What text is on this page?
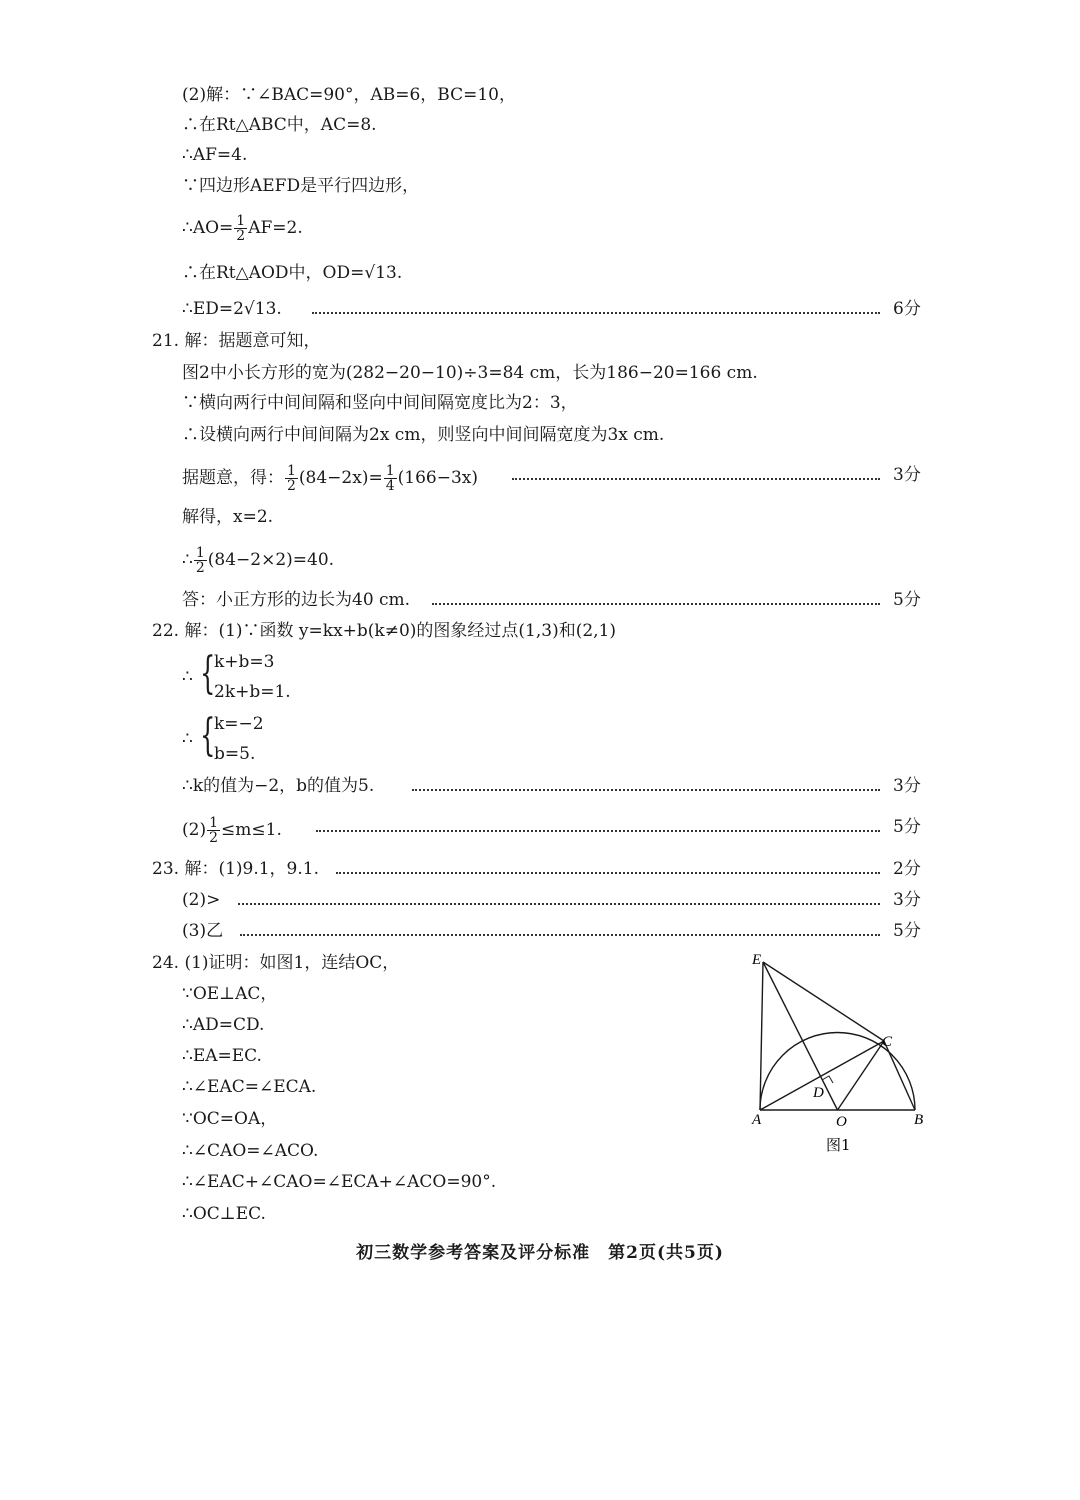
(2)解：∵∠BAC=90°，AB=6，BC=10，
∴在Rt△ABC中，AC=8.
∴AF=4.
∵四边形AEFD是平行四边形，
∴AO= $\frac{1}{2} AF=2$.
∴在Rt△AOD中，OD=√13.
∴ED=2√13.	6分
21. 解：据题意可知，
图2中小长方形的宽为(282−20−10)÷3=84 cm，长为186−20=166 cm.
∵横向两行中间间隔和竖向中间间隔宽度比为2：3，
∴设横向两行中间间隔为2x cm，则竖向中间间隔宽度为3x cm.
据题意，得： $\frac{1}{2} (84-2x)= \frac{1}{4} (166-3x)$	3分
解得，x=2.
∴ $\frac{1}{2} (84-2\times 2)=40$.
答：小正方形的边长为40 cm.	5分
22. 解：(1)∵函数 y=kx+b(k≠0)的图象经过点(1,3)和(2,1)
∴ {
k+b=3
2k+b=1.
∴ {
k=−2
b=5.
∴k的值为−2，b的值为5.	3分
$(2) \frac{1}{2} \le m\le 1$.	5分
23. 解：(1)9.1，9.1.	2分
(2)>	3分
(3)乙	5分
24. (1)证明：如图1，连结OC，
∵OE⊥AC，
∴AD=CD.
∴EA=EC.
∴∠EAC=∠ECA.
∵OC=OA，
∴∠CAO=∠ACO.
∴∠EAC+∠CAO=∠ECA+∠ACO=90°.
∴OC⊥EC.
E
C
D
A	O	B
图1
初三数学参考答案及评分标准　第2页(共5页)
